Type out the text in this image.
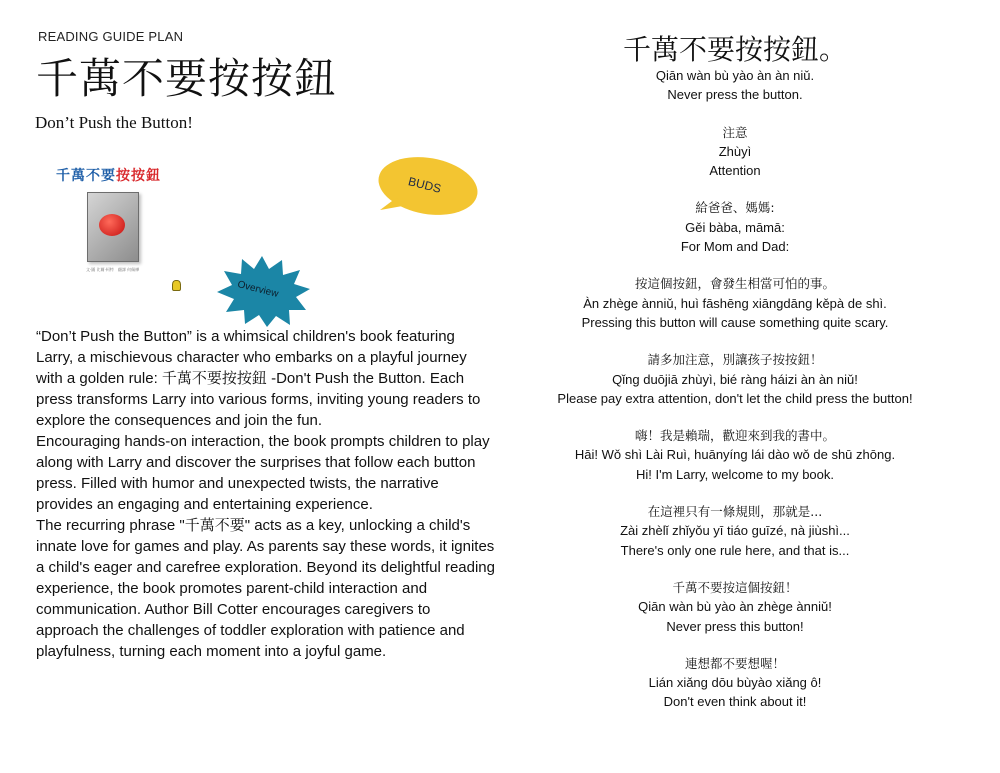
READING GUIDE PLAN
千萬不要按按鈕
Don’t Push the Button!
千萬不要按按鈕
文‧圖 比爾‧柯特　翻譯 何佩樺
BUDS
Overview

“Don’t Push the Button” is a whimsical children's book featuring Larry, a mischievous character who embarks on a playful journey with a golden rule: 千萬不要按按鈕 -Don't Push the Button. Each press transforms Larry into various forms, inviting young readers to explore the consequences and join the fun.

Encouraging hands-on interaction, the book prompts children to play along with Larry and discover the surprises that follow each button press. Filled with humor and unexpected twists, the narrative provides an engaging and entertaining experience.

The recurring phrase "千萬不要" acts as a key, unlocking a child's innate love for games and play. As parents say these words, it ignites a child's eager and carefree exploration. Beyond its delightful reading experience, the book promotes parent-child interaction and communication. Author Bill Cotter encourages caregivers to approach the challenges of toddler exploration with patience and playfulness, turning each moment into a joyful game.

千萬不要按按鈕。
Qiān wàn bù yào àn àn niǔ.
Never press the button.
注意
Zhùyì
Attention
給爸爸、媽媽:
Gěi bàba, māmā:
For Mom and Dad:
按這個按鈕，會發生相當可怕的事。
Àn zhège ànniǔ, huì fāshēng xiāngdāng kěpà de shì.
Pressing this button will cause something quite scary.
請多加注意，別讓孩子按按鈕！
Qǐng duōjiā zhùyì, bié ràng háizi àn àn niǔ!
Please pay extra attention, don't let the child press the button!
嗨！我是賴瑞，歡迎來到我的書中。
Hāi! Wǒ shì Lài Ruì, huānyíng lái dào wǒ de shū zhōng.
Hi! I'm Larry, welcome to my book.
在這裡只有一條規則，那就是...
Zài zhèlǐ zhǐyǒu yī tiáo guīzé, nà jiùshì...
There's only one rule here, and that is...
千萬不要按這個按鈕！
Qiān wàn bù yào àn zhège ànniǔ!
Never press this button!
連想都不要想喔！
Lián xiǎng dōu bùyào xiǎng ô!
Don't even think about it!
